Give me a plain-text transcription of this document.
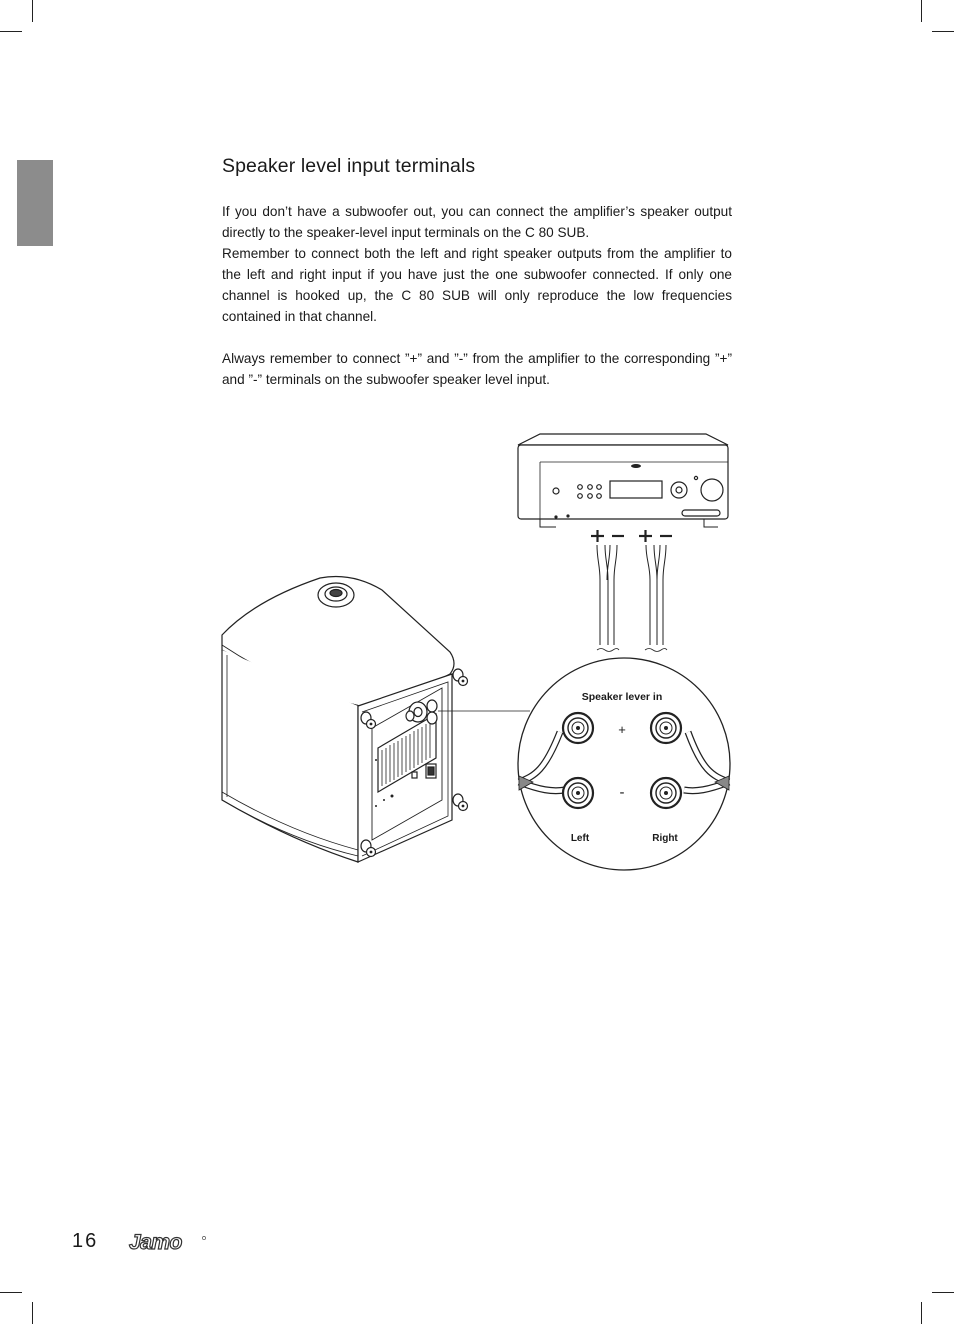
Speaker level input terminals

If you don’t have a subwoofer out, you can connect the amplifier’s speaker output directly to the speaker-level input terminals on the C 80 SUB.

Remember to connect both the left and right speaker outputs from the amplifier to the left and right input if you have just the one subwoofer connected. If only one channel is hooked up, the C 80 SUB will only reproduce the low frequencies contained in that channel.

Always remember to connect ”+” and ”-” from the amplifier to the corresponding ”+” and ”-” terminals on the subwoofer speaker level input.

Speaker lever in
+
-
Left	Right
16 Jamo
